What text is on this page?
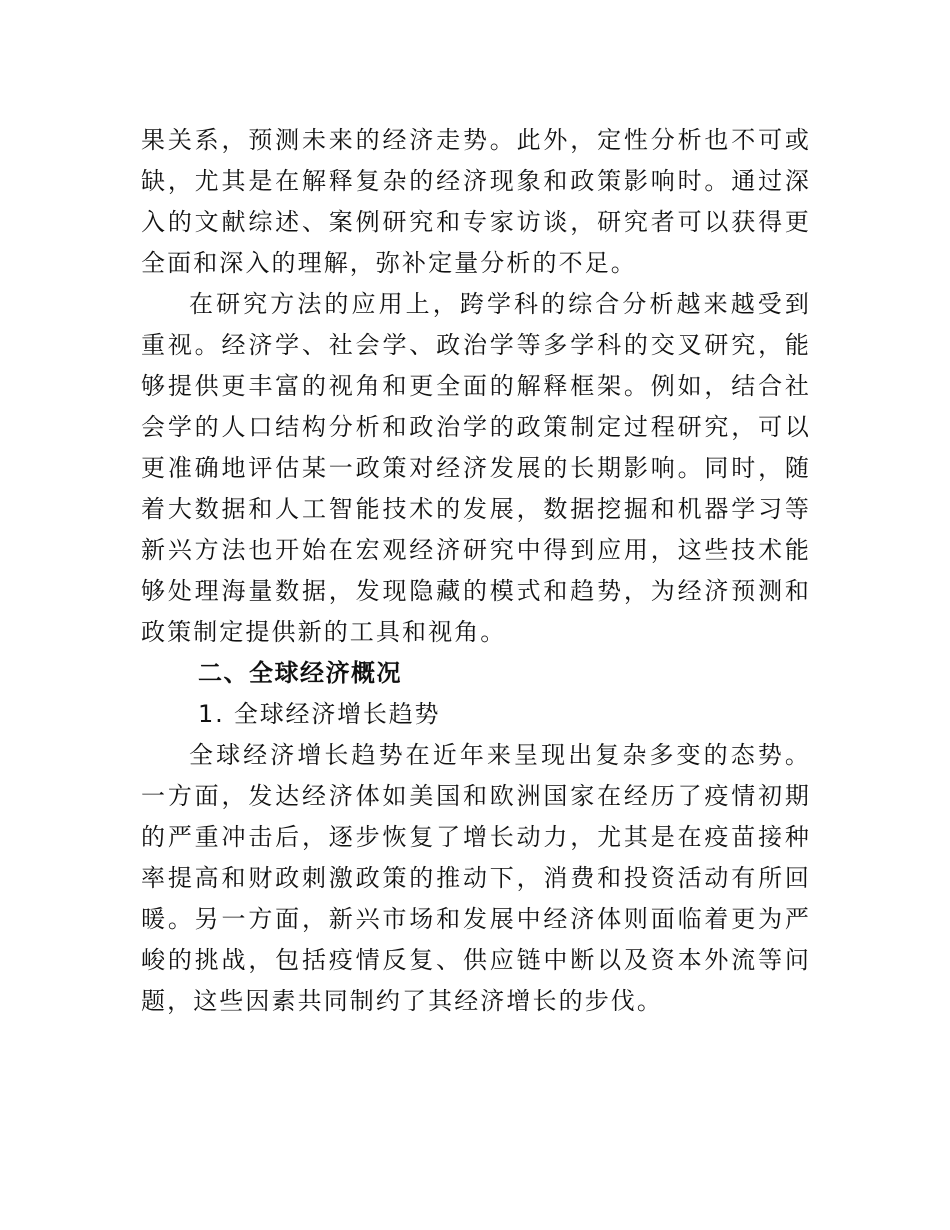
果关系，预测未来的经济走势。此外，定性分析也不可或缺，尤其是在解释复杂的经济现象和政策影响时。通过深入的文献综述、案例研究和专家访谈，研究者可以获得更全面和深入的理解，弥补定量分析的不足。

在研究方法的应用上，跨学科的综合分析越来越受到重视。经济学、社会学、政治学等多学科的交叉研究，能够提供更丰富的视角和更全面的解释框架。例如，结合社会学的人口结构分析和政治学的政策制定过程研究，可以更准确地评估某一政策对经济发展的长期影响。同时，随着大数据和人工智能技术的发展，数据挖掘和机器学习等新兴方法也开始在宏观经济研究中得到应用，这些技术能够处理海量数据，发现隐藏的模式和趋势，为经济预测和政策制定提供新的工具和视角。

二、全球经济概况
1. 全球经济增长趋势

全球经济增长趋势在近年来呈现出复杂多变的态势。一方面，发达经济体如美国和欧洲国家在经历了疫情初期的严重冲击后，逐步恢复了增长动力，尤其是在疫苗接种率提高和财政刺激政策的推动下，消费和投资活动有所回暖。另一方面，新兴市场和发展中经济体则面临着更为严峻的挑战，包括疫情反复、供应链中断以及资本外流等问题，这些因素共同制约了其经济增长的步伐。
